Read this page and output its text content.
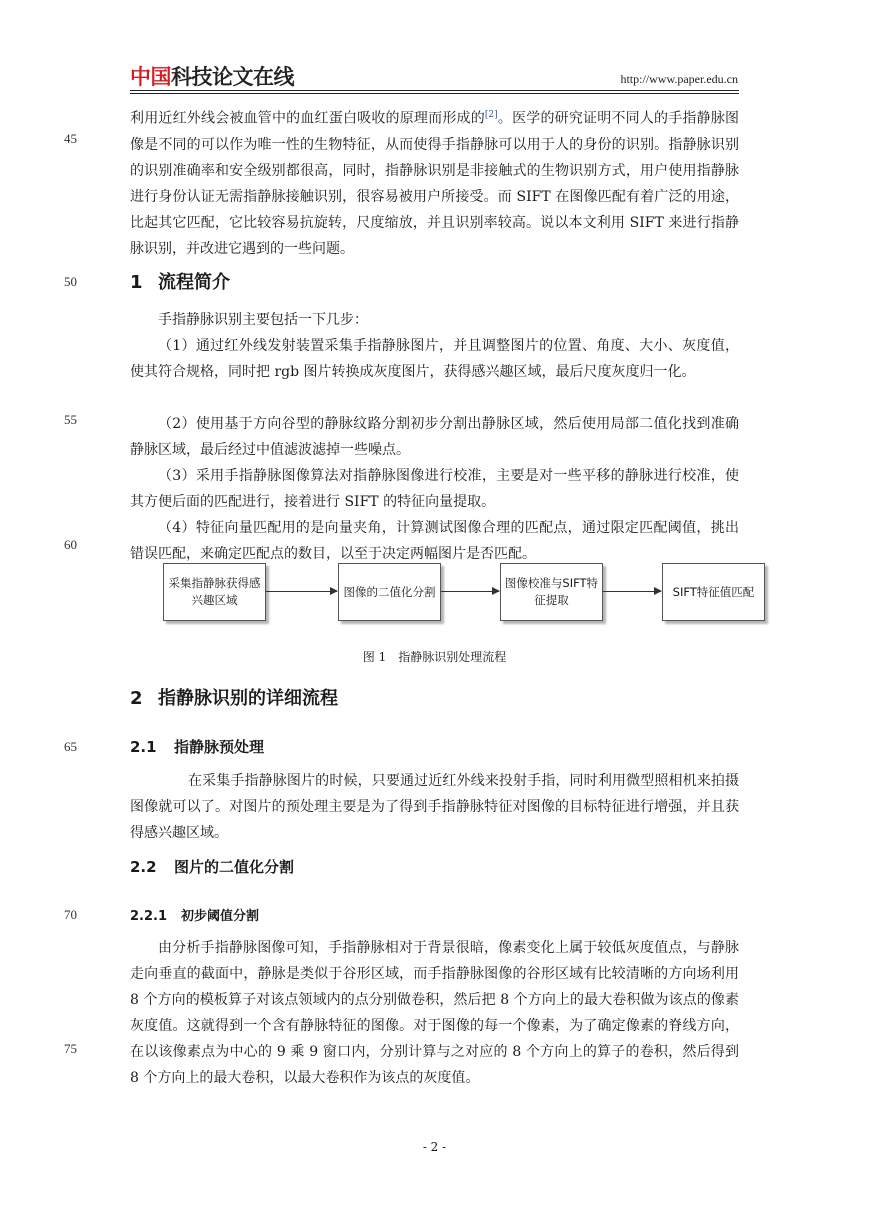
中国科技论文在线	http://www.paper.edu.cn
45
50
55
60
65
70
75

利用近红外线会被血管中的血红蛋白吸收的原理而形成的[2]。医学的研究证明不同人的手指静脉图像是不同的可以作为唯一性的生物特征，从而使得手指静脉可以用于人的身份的识别。指静脉识别的识别准确率和安全级别都很高，同时，指静脉识别是非接触式的生物识别方式，用户使用指静脉进行身份认证无需指静脉接触识别，很容易被用户所接受。而 SIFT 在图像匹配有着广泛的用途，比起其它匹配，它比较容易抗旋转，尺度缩放，并且识别率较高。说以本文利用 SIFT 来进行指静脉识别，并改进它遇到的一些问题。

1 流程简介

手指静脉识别主要包括一下几步：

（1）通过红外线发射装置采集手指静脉图片，并且调整图片的位置、角度、大小、灰度值，使其符合规格，同时把 rgb 图片转换成灰度图片，获得感兴趣区域，最后尺度灰度归一化。

（2）使用基于方向谷型的静脉纹路分割初步分割出静脉区域，然后使用局部二值化找到准确静脉区域，最后经过中值滤波滤掉一些噪点。

（3）采用手指静脉图像算法对指静脉图像进行校准，主要是对一些平移的静脉进行校准，使其方便后面的匹配进行，接着进行 SIFT 的特征向量提取。

（4）特征向量匹配用的是向量夹角，计算测试图像合理的匹配点，通过限定匹配阈值，挑出错误匹配，来确定匹配点的数目，以至于决定两幅图片是否匹配。

采集指静脉获得感兴趣区域
图像的二值化分割
图像校准与SIFT特征提取
SIFT特征值匹配
图 1　指静脉识别处理流程
2 指静脉识别的详细流程
2.1 指静脉预处理

在采集手指静脉图片的时候，只要通过近红外线来投射手指，同时利用微型照相机来拍摄图像就可以了。对图片的预处理主要是为了得到手指静脉特征对图像的目标特征进行增强，并且获得感兴趣区域。

2.2 图片的二值化分割
2.2.1 初步阈值分割

由分析手指静脉图像可知，手指静脉相对于背景很暗，像素变化上属于较低灰度值点，与静脉走向垂直的截面中，静脉是类似于谷形区域，而手指静脉图像的谷形区域有比较清晰的方向场利用 8 个方向的模板算子对该点领域内的点分别做卷积，然后把 8 个方向上的最大卷积做为该点的像素灰度值。这就得到一个含有静脉特征的图像。对于图像的每一个像素，为了确定像素的脊线方向，在以该像素点为中心的 9 乘 9 窗口内，分别计算与之对应的 8 个方向上的算子的卷积，然后得到 8 个方向上的最大卷积，以最大卷积作为该点的灰度值。

- 2 -
